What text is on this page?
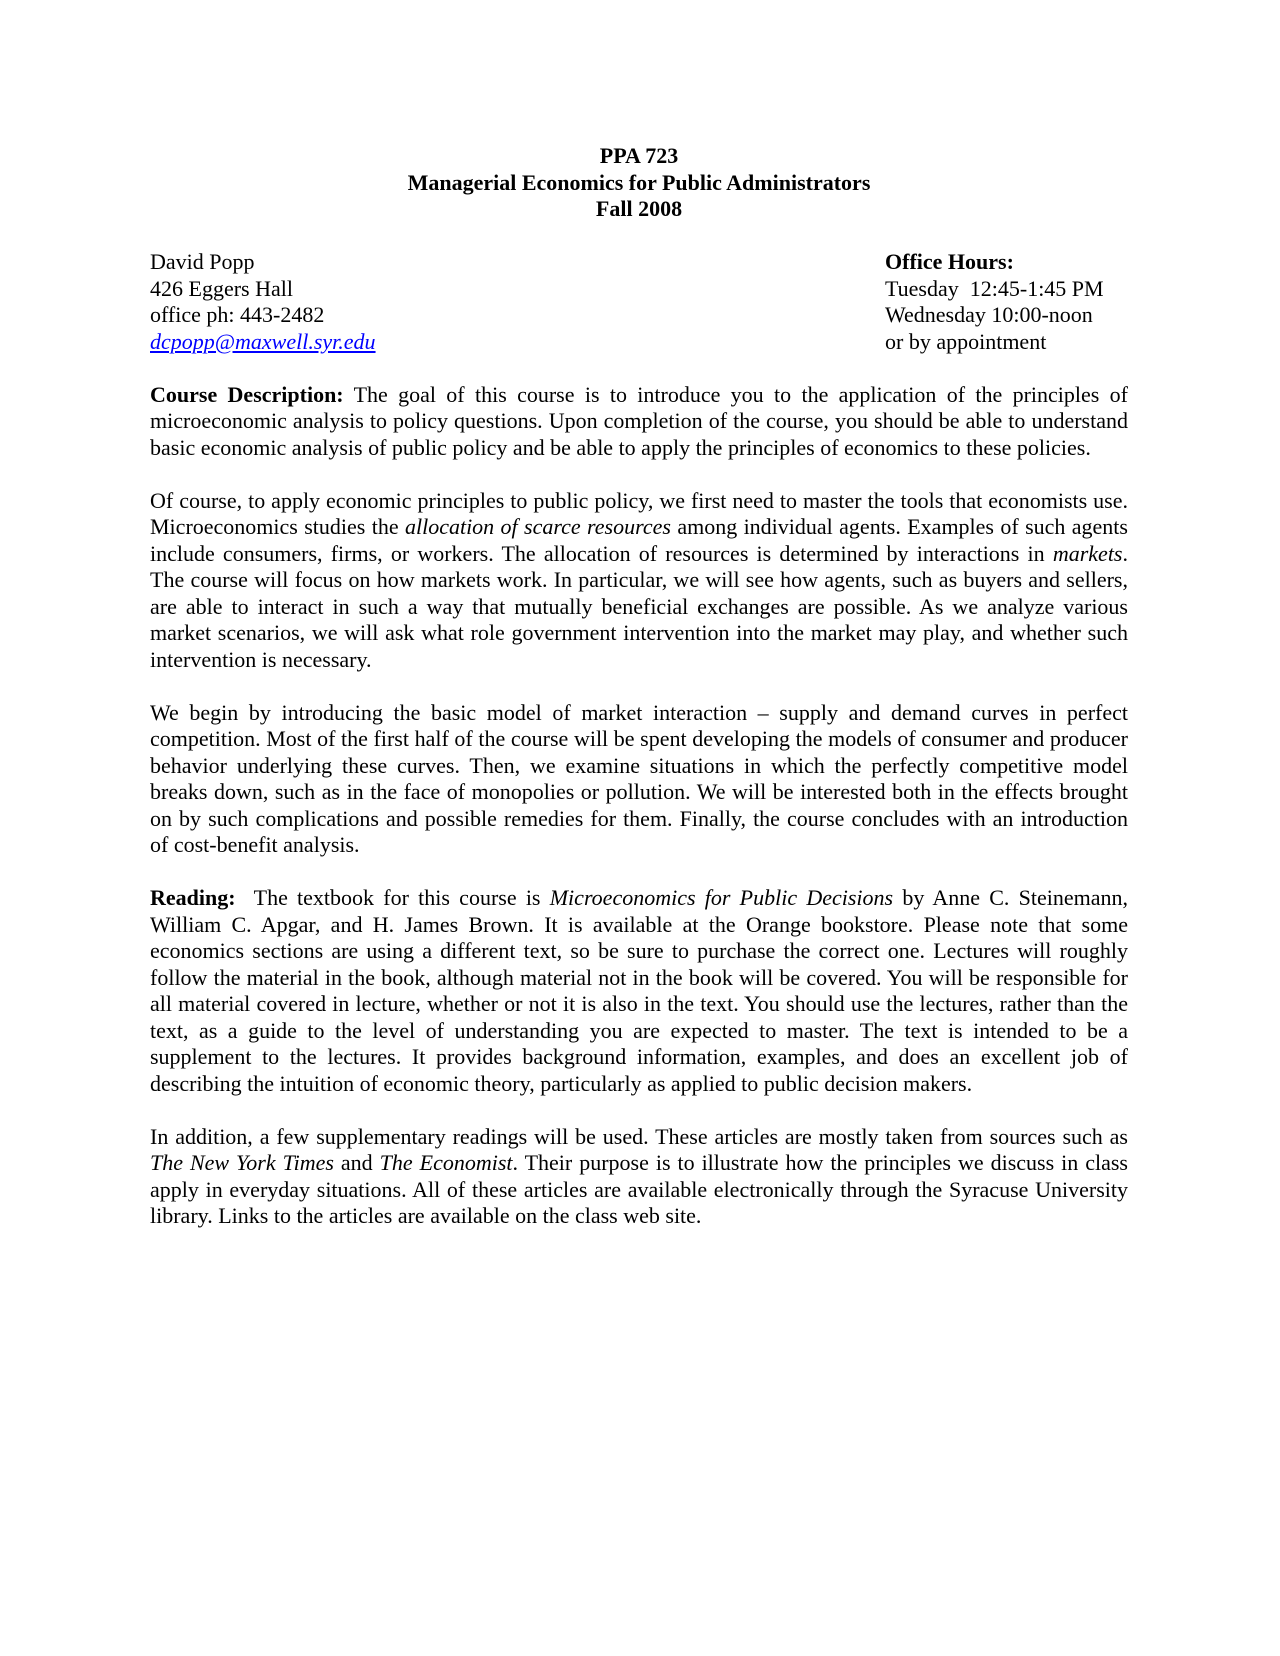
PPA 723
Managerial Economics for Public Administrators
Fall 2008
David Popp
426 Eggers Hall
office ph: 443-2482
dcpopp@maxwell.syr.edu
Office Hours:
Tuesday  12:45-1:45 PM
Wednesday 10:00-noon
or by appointment

Course Description: The goal of this course is to introduce you to the application of the principles of microeconomic analysis to policy questions. Upon completion of the course, you should be able to understand basic economic analysis of public policy and be able to apply the principles of economics to these policies.

Of course, to apply economic principles to public policy, we first need to master the tools that economists use. Microeconomics studies the allocation of scarce resources among individual agents. Examples of such agents include consumers, firms, or workers. The allocation of resources is determined by interactions in markets. The course will focus on how markets work. In particular, we will see how agents, such as buyers and sellers, are able to interact in such a way that mutually beneficial exchanges are possible. As we analyze various market scenarios, we will ask what role government intervention into the market may play, and whether such intervention is necessary.

We begin by introducing the basic model of market interaction – supply and demand curves in perfect competition. Most of the first half of the course will be spent developing the models of consumer and producer behavior underlying these curves. Then, we examine situations in which the perfectly competitive model breaks down, such as in the face of monopolies or pollution. We will be interested both in the effects brought on by such complications and possible remedies for them. Finally, the course concludes with an introduction of cost-benefit analysis.

Reading:  The textbook for this course is Microeconomics for Public Decisions by Anne C. Steinemann, William C. Apgar, and H. James Brown. It is available at the Orange bookstore. Please note that some economics sections are using a different text, so be sure to purchase the correct one. Lectures will roughly follow the material in the book, although material not in the book will be covered. You will be responsible for all material covered in lecture, whether or not it is also in the text. You should use the lectures, rather than the text, as a guide to the level of understanding you are expected to master. The text is intended to be a supplement to the lectures. It provides background information, examples, and does an excellent job of describing the intuition of economic theory, particularly as applied to public decision makers.

In addition, a few supplementary readings will be used. These articles are mostly taken from sources such as The New York Times and The Economist. Their purpose is to illustrate how the principles we discuss in class apply in everyday situations. All of these articles are available electronically through the Syracuse University library. Links to the articles are available on the class web site.
